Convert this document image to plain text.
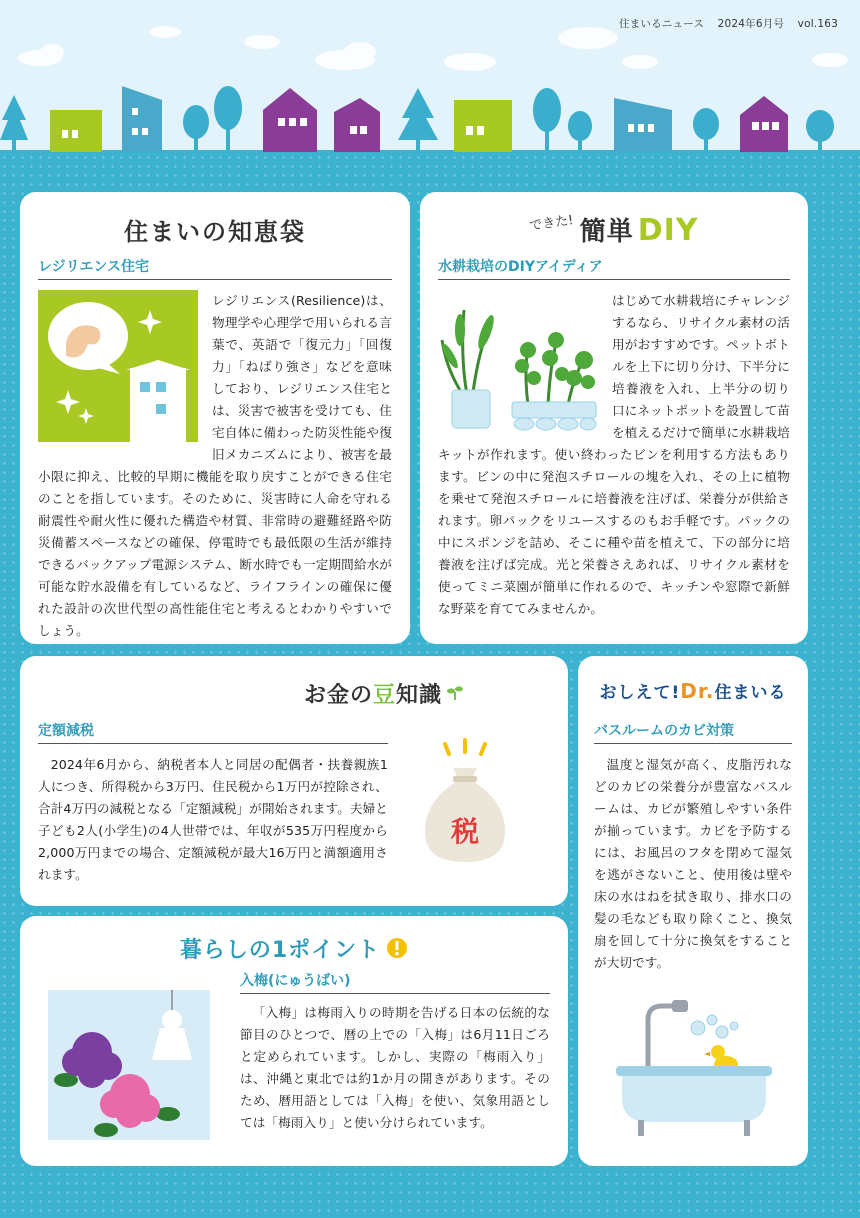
住まいるニュース 2024年6月号 vol.163
住まいの知恵袋
レジリエンス住宅
レジリエンス(Resilience)は、物理学や心理学で用いられる言葉で、英語で「復元力」「回復力」「ねばり強さ」などを意味しており、レジリエンス住宅とは、災害で被害を受けても、住宅自体に備わった防災性能や復旧メカニズムにより、被害を最小限に抑え、比較的早期に機能を取り戻すことができる住宅のことを指しています。そのために、災害時に人命を守れる耐震性や耐火性に優れた構造や材質、非常時の避難経路や防災備蓄スペースなどの確保、停電時でも最低限の生活が維持できるバックアップ電源システム、断水時でも一定期間給水が可能な貯水設備を有しているなど、ライフラインの確保に優れた設計の次世代型の高性能住宅と考えるとわかりやすいでしょう。
できた! 簡単 DIY
水耕栽培のDIYアイディア
はじめて水耕栽培にチャレンジするなら、リサイクル素材の活用がおすすめです。ペットボトルを上下に切り分け、下半分に培養液を入れ、上半分の切り口にネットポットを設置して苗を植えるだけで簡単に水耕栽培キットが作れます。使い終わったビンを利用する方法もあります。ビンの中に発泡スチロールの塊を入れ、その上に植物を乗せて発泡スチロールに培養液を注げば、栄養分が供給されます。卵パックをリユースするのもお手軽です。パックの中にスポンジを詰め、そこに種や苗を植えて、下の部分に培養液を注げば完成。光と栄養さえあれば、リサイクル素材を使ってミニ菜園が簡単に作れるので、キッチンや窓際で新鮮な野菜を育ててみませんか。
お金の豆知識
定額減税
2024年6月から、納税者本人と同居の配偶者・扶養親族1人につき、所得税から3万円、住民税から1万円が控除され、合計4万円の減税となる「定額減税」が開始されます。夫婦と子ども2人(小学生)の4人世帯では、年収が535万円程度から2,000万円までの場合、定額減税が最大16万円と満額適用されます。
税
おしえて!Dr.住まいる
バスルームのカビ対策
温度と湿気が高く、皮脂汚れなどのカビの栄養分が豊富なバスルームは、カビが繁殖しやすい条件が揃っています。カビを予防するには、お風呂のフタを閉めて湿気を逃がさないこと、使用後は壁や床の水はねを拭き取り、排水口の髪の毛なども取り除くこと、換気扇を回して十分に換気をすることが大切です。
暮らしの1ポイント
入梅(にゅうばい)
「入梅」は梅雨入りの時期を告げる日本の伝統的な節目のひとつで、暦の上での「入梅」は6月11日ごろと定められています。しかし、実際の「梅雨入り」は、沖縄と東北では約1か月の開きがあります。そのため、暦用語としては「入梅」を使い、気象用語としては「梅雨入り」と使い分けられています。
